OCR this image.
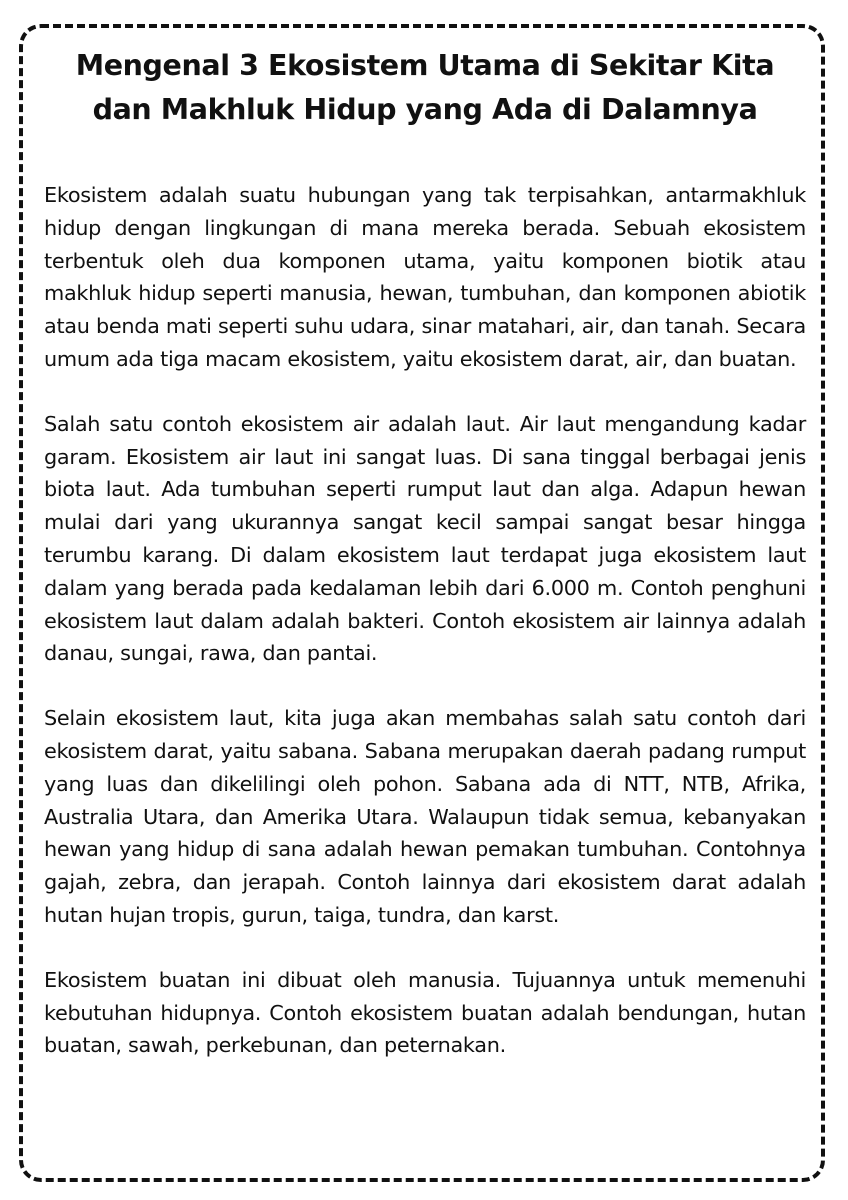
Mengenal 3 Ekosistem Utama di Sekitar Kita dan Makhluk Hidup yang Ada di Dalamnya

Ekosistem adalah suatu hubungan yang tak terpisahkan, antarmakhluk hidup dengan lingkungan di mana mereka berada. Sebuah ekosistem terbentuk oleh dua komponen utama, yaitu komponen biotik atau makhluk hidup seperti manusia, hewan, tumbuhan, dan komponen abiotik atau benda mati seperti suhu udara, sinar matahari, air, dan tanah. Secara umum ada tiga macam ekosistem, yaitu ekosistem darat, air, dan buatan.

Salah satu contoh ekosistem air adalah laut. Air laut mengandung kadar garam. Ekosistem air laut ini sangat luas. Di sana tinggal berbagai jenis biota laut. Ada tumbuhan seperti rumput laut dan alga. Adapun hewan mulai dari yang ukurannya sangat kecil sampai sangat besar hingga terumbu karang. Di dalam ekosistem laut terdapat juga ekosistem laut dalam yang berada pada kedalaman lebih dari 6.000 m. Contoh penghuni ekosistem laut dalam adalah bakteri. Contoh ekosistem air lainnya adalah danau, sungai, rawa, dan pantai.

Selain ekosistem laut, kita juga akan membahas salah satu contoh dari ekosistem darat, yaitu sabana. Sabana merupakan daerah padang rumput yang luas dan dikelilingi oleh pohon. Sabana ada di NTT, NTB, Afrika, Australia Utara, dan Amerika Utara. Walaupun tidak semua, kebanyakan hewan yang hidup di sana adalah hewan pemakan tumbuhan. Contohnya gajah, zebra, dan jerapah. Contoh lainnya dari ekosistem darat adalah hutan hujan tropis, gurun, taiga, tundra, dan karst.

Ekosistem buatan ini dibuat oleh manusia. Tujuannya untuk memenuhi kebutuhan hidupnya. Contoh ekosistem buatan adalah bendungan, hutan buatan, sawah, perkebunan, dan peternakan.
